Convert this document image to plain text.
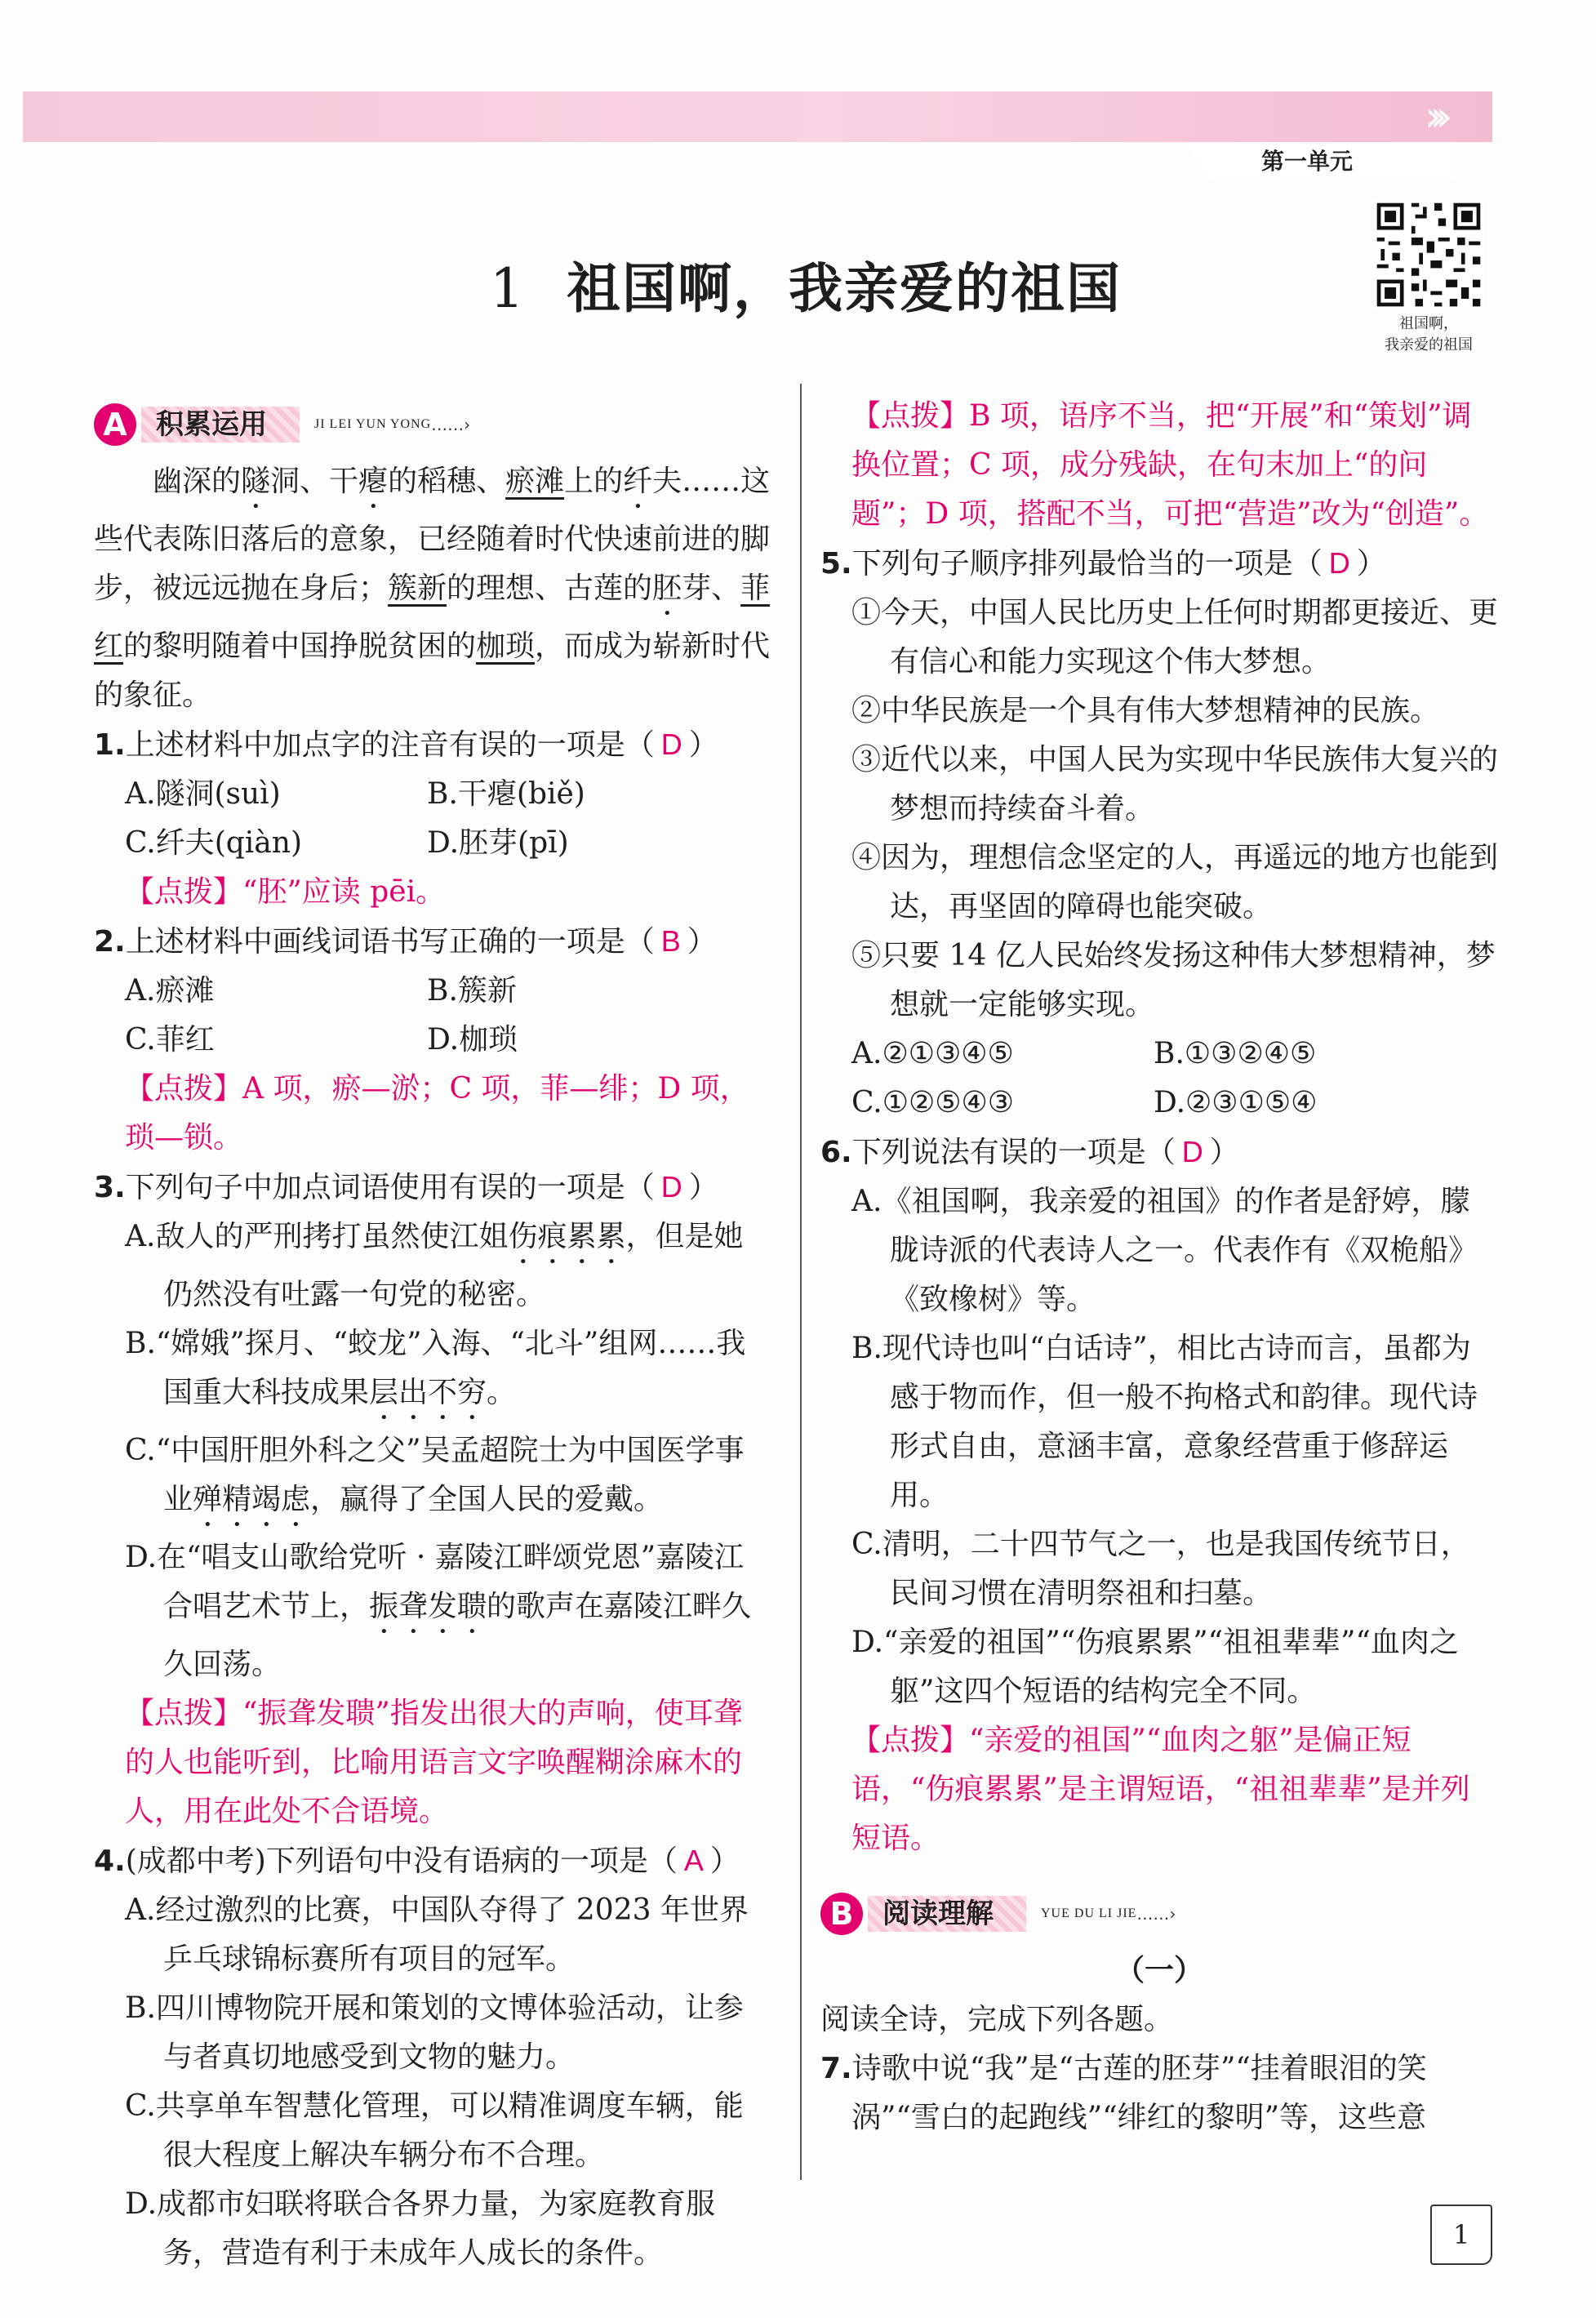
›››
第一单元
1 祖国啊，我亲爱的祖国
祖国啊，
我亲爱的祖国
A	积累运用	JI LEI YUN YONG ……›

幽深的隧洞、干瘪的稻穗、瘀滩上的纤夫……这些代表陈旧落后的意象，已经随着时代快速前进的脚步，被远远抛在身后；簇新的理想、古莲的胚芽、菲红的黎明随着中国挣脱贫困的枷琐，而成为崭新时代的象征。

1.上述材料中加点字的注音有误的一项是（ D ）

A.隧洞(suì)	B.干瘪(biě)
C.纤夫(qiàn)	D.胚芽(pī)

【点拨】“胚”应读 pēi。

2.上述材料中画线词语书写正确的一项是（ B ）

A.瘀滩	B.簇新
C.菲红	D.枷琐

【点拨】A 项，瘀—淤；C 项，菲—绯；D 项，琐—锁。

3.下列句子中加点词语使用有误的一项是（ D ）

A.敌人的严刑拷打虽然使江姐伤痕累累，但是她仍然没有吐露一句党的秘密。

B.“嫦娥”探月、“蛟龙”入海、“北斗”组网……我国重大科技成果层出不穷。

C.“中国肝胆外科之父”吴孟超院士为中国医学事业殚精竭虑，赢得了全国人民的爱戴。

D.在“唱支山歌给党听 · 嘉陵江畔颂党恩”嘉陵江合唱艺术节上，振聋发聩的歌声在嘉陵江畔久久回荡。

【点拨】“振聋发聩”指发出很大的声响，使耳聋的人也能听到，比喻用语言文字唤醒糊涂麻木的人，用在此处不合语境。

4.(成都中考)下列语句中没有语病的一项是（ A ）

A.经过激烈的比赛，中国队夺得了 2023 年世界乒乓球锦标赛所有项目的冠军。

B.四川博物院开展和策划的文博体验活动，让参与者真切地感受到文物的魅力。

C.共享单车智慧化管理，可以精准调度车辆，能很大程度上解决车辆分布不合理。

D.成都市妇联将联合各界力量，为家庭教育服务，营造有利于未成年人成长的条件。

【点拨】B 项，语序不当，把“开展”和“策划”调换位置；C 项，成分残缺，在句末加上“的问题”；D 项，搭配不当，可把“营造”改为“创造”。

5.下列句子顺序排列最恰当的一项是（ D ）

①今天，中国人民比历史上任何时期都更接近、更有信心和能力实现这个伟大梦想。

②中华民族是一个具有伟大梦想精神的民族。

③近代以来，中国人民为实现中华民族伟大复兴的梦想而持续奋斗着。

④因为，理想信念坚定的人，再遥远的地方也能到达，再坚固的障碍也能突破。

⑤只要 14 亿人民始终发扬这种伟大梦想精神，梦想就一定能够实现。

A.②①③④⑤	B.①③②④⑤
C.①②⑤④③	D.②③①⑤④

6.下列说法有误的一项是（ D ）

A.《祖国啊，我亲爱的祖国》的作者是舒婷，朦胧诗派的代表诗人之一。代表作有《双桅船》《致橡树》等。

B.现代诗也叫“白话诗”，相比古诗而言，虽都为感于物而作，但一般不拘格式和韵律。现代诗形式自由，意涵丰富，意象经营重于修辞运用。

C.清明，二十四节气之一，也是我国传统节日，民间习惯在清明祭祖和扫墓。

D.“亲爱的祖国”“伤痕累累”“祖祖辈辈”“血肉之躯”这四个短语的结构完全不同。

【点拨】“亲爱的祖国”“血肉之躯”是偏正短语，“伤痕累累”是主谓短语，“祖祖辈辈”是并列短语。

B	阅读理解	YUE DU LI JIE ……›

（一）

阅读全诗，完成下列各题。

7.诗歌中说“我”是“古莲的胚芽”“挂着眼泪的笑涡”“雪白的起跑线”“绯红的黎明”等，这些意

1
